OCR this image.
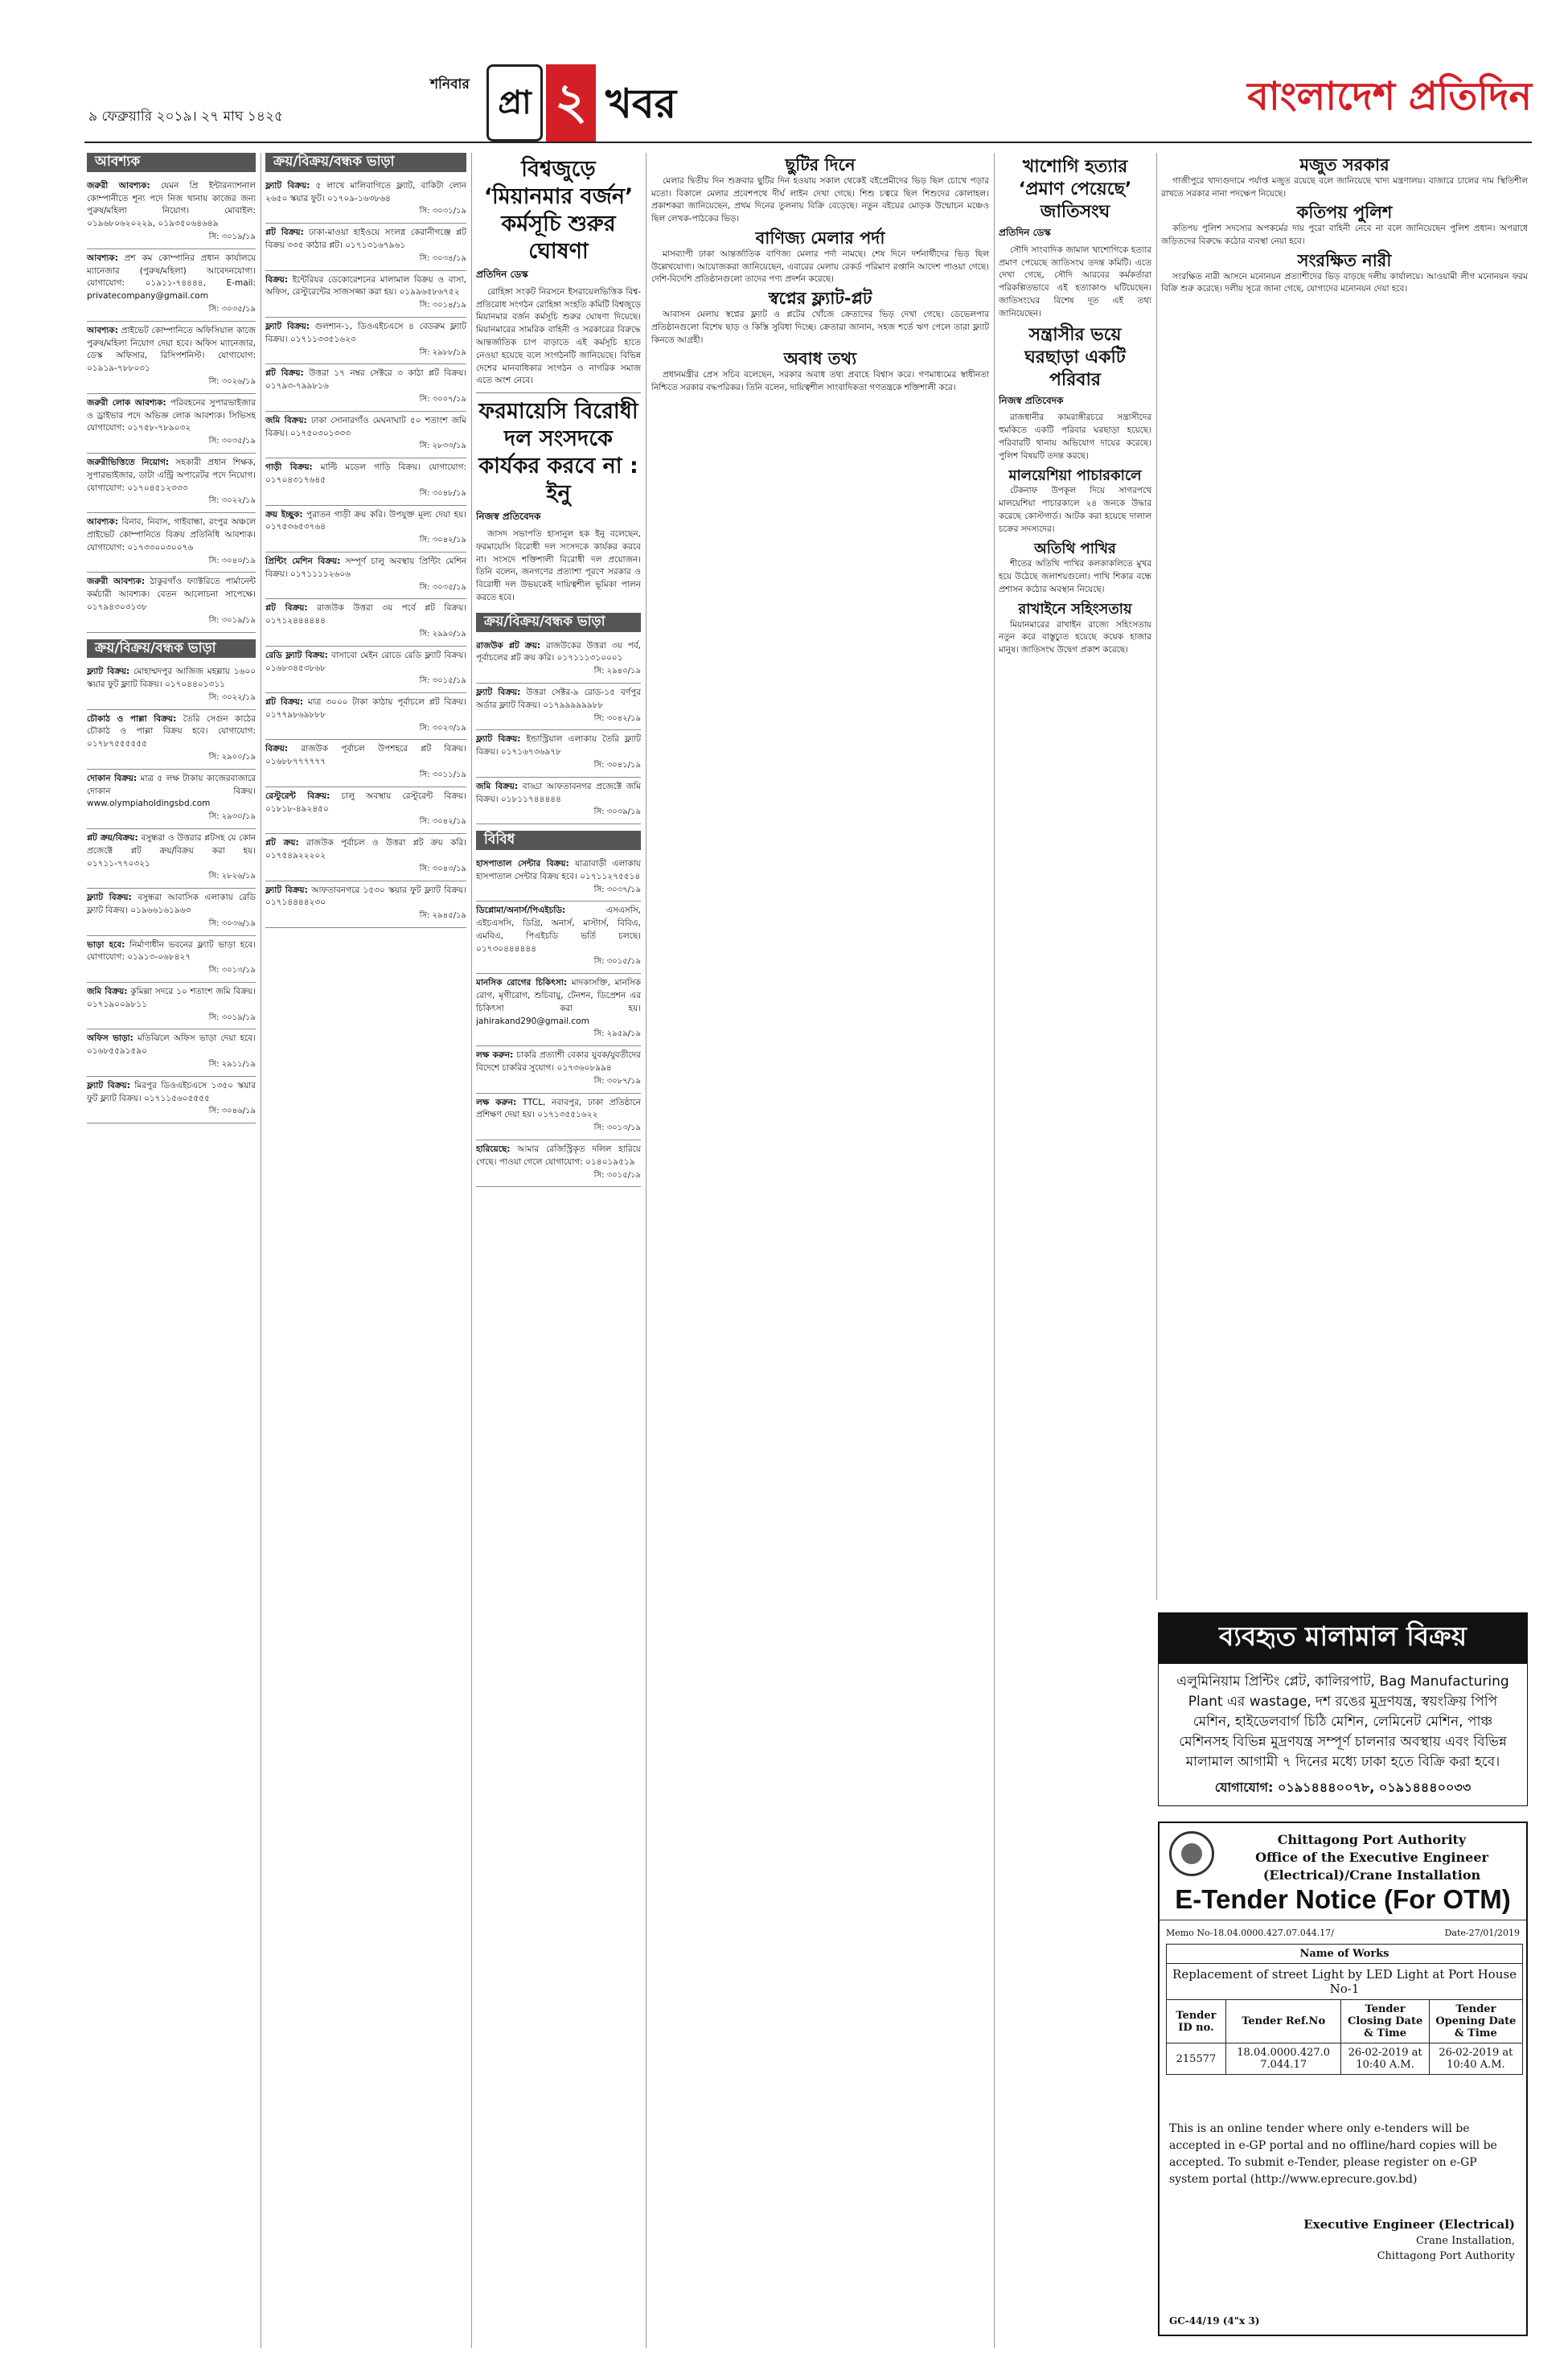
শনিবার
৯ ফেব্রুয়ারি ২০১৯। ২৭ মাঘ ১৪২৫	প্রা ২ খবর	বাংলাদেশ প্রতিদিন
আবশ্যক
জরুরী আবশ্যক: যেমন প্রি ইন্টারন্যাশনাল কোম্পানীতে শূন্য পদে নিজ থানায় কাজের জন্য পুরুষ/মহিলা নিয়োগ। মোবাইল: ০১৯৬৮০৬২০২২৯, ০১৯৩৫০৬৪৬৪৯
সি: ৩০১৯/১৯
আবশ্যক: প্রশ কম কোম্পানির প্রধান কার্যালয়ে ম্যানেজার (পুরুষ/মহিলা) আবেদনযোগ্য। যোগাযোগ: ০১৯১১-৭৪৪৪৪, E-mail: privatecompany@gmail.com
সি: ৩০৩৫/১৯
আবশ্যক: প্রাইভেট কোম্পানিতে অফিসিয়াল কাজে পুরুষ/মহিলা নিয়োগ দেয়া হবে। অফিস ম্যানেজার, ডেস্ক অফিসার, রিসিপশনিস্ট। যোগাযোগ: ০১৯১৯-৭৮৮০৩১
সি: ৩০২৬/১৯
জরুরী লোক আবশ্যক: পরিবহনের সুপারভাইজার ও ড্রাইভার পদে অভিজ্ঞ লোক আবশ্যক। সিভিসহ যোগাযোগ: ০১৭৫৮-৭৮৯০৩২
সি: ৩০৩৫/১৯
জরুরীভিত্তিতে নিয়োগ: সহকারী প্রধান শিক্ষক, সুপারভাইজার, ডাটা এন্ট্রি অপারেটর পদে নিয়োগ। যোগাযোগ: ০১৭০৪৫১২৩৩৩
সি: ৩০২২/১৯
আবশ্যক: বিনাব, নিবাস, গাইবান্ধা, রংপুর অঞ্চলে প্রাইভেট কোম্পানিতে বিক্রয় প্রতিনিধি আবশ্যক। যোগাযোগ: ০১৭৩৩০০৩০০৭৬
সি: ৩০৪০/১৯
জরুরী আবশ্যক: ঠাকুরগাঁও ফ্যাক্টরিতে পার্মানেন্ট কর্মচারী আবশ্যক। বেতন আলোচনা সাপেক্ষে। ০১৭৯৪৩০৩১৩৮
সি: ৩০১৯/১৯
ক্রয়/বিক্রয়/বন্ধক ভাড়া
ফ্ল্যাট বিক্রয়: মোহাম্মদপুর আজিজ মহল্লায় ১৬০০ স্কয়ার ফুট ফ্ল্যাট বিক্রয়। ০১৭০৪৪০১৩১১
সি: ৩০২২/১৯
চৌকাঠ ও পাল্লা বিক্রয়: তৈরি সেগুন কাঠের চৌকাঠ ও পাল্লা বিক্রয় হবে। যোগাযোগ: ০১৭৮৭৫৫৫৫৫৫
সি: ২৯০০/১৯
দোকান বিক্রয়: মাত্র ৫ লক্ষ টাকায় কাজেরবাজারে দোকান বিক্রয়। www.olympiaholdingsbd.com
সি: ২৯৩০/১৯
প্লট ক্রয়/বিক্রয়: বসুন্ধরা ও উত্তরার প্লটসহ যে কোন প্রজেক্টে প্লট ক্রয়/বিক্রয় করা হয়। ০১৭১১-৭৭০৩২১
সি: ২৮২৬/১৯
ফ্ল্যাট বিক্রয়: বসুন্ধরা আবাসিক এলাকায় রেডি ফ্ল্যাট বিক্রয়। ০১৯৬৬১৬১৯৬৩
সি: ৩০৩৬/১৯
ভাড়া হবে: নির্মাণাধীন ভবনের ফ্ল্যাট ভাড়া হবে। যোগাযোগ: ০১৯১৩-০৬৮৪২৭
সি: ৩০১৩/১৯
জমি বিক্রয়: কুমিল্লা সদরে ১০ শতাংশ জমি বিক্রয়। ০১৭১৯০০৯৮১১
সি: ৩০১৯/১৯
অফিস ভাড়া: মতিঝিলে অফিস ভাড়া দেয়া হবে। ০১৬৮৫৫৯১৫৯০
সি: ২৯১১/১৯
ফ্ল্যাট বিক্রয়: মিরপুর ডিওএইচএসে ১৩৫০ স্কয়ার ফুট ফ্ল্যাট বিক্রয়। ০১৭১১৫৬০৫৫৫৫
সি: ৩০৪৬/১৯
ক্রয়/বিক্রয়/বন্ধক ভাড়া
ফ্ল্যাট বিক্রয়: ৫ লাখে মালিবাগিতে ফ্ল্যাট, বাকিটা লোন ২৬৫০ স্কয়ার ফুট। ০১৭০৯-১৬৩৮৬৪
সি: ৩০৩১/১৯
প্লট বিক্রয়: ঢাকা-মাওয়া হাইওয়ে সংলগ্ন কেরানীগঞ্জে প্লট বিক্রয় ৩৩৫ কাঠার প্লট। ০১৭১৩১৬৭৯৬১
সি: ৩০৩৪/১৯
বিক্রয়: ইন্টেরিয়র ডেকোরেশনের মালামাল বিক্রয় ও বাসা, অফিস, রেস্টুরেন্টের সাজসজ্জা করা হয়। ০১৯৯৬৫৮৬৭৫২
সি: ৩০১৪/১৯
ফ্ল্যাট বিক্রয়: গুলশান-১, ডিওএইচএসে ৪ বেডরুম ফ্ল্যাট বিক্রয়। ০১৭১১৩৩৫১৬২৩
সি: ২৯৮৮/১৯
প্লট বিক্রয়: উত্তরা ১৭ নম্বর সেক্টরে ৩ কাঠা প্লট বিক্রয়। ০১৭৯৩-৭৯৯৮১৬
সি: ৩০০৭/১৯
জমি বিক্রয়: ঢাকা সোনারগাঁও মেঘনাঘাট ৫০ শতাংশ জমি বিক্রয়। ০১৭৫০৩০১৩৩৩
সি: ২৮৩৩/১৯
গাড়ী বিক্রয়: মাল্টি মডেল গাড়ি বিক্রয়। যোগাযোগ: ০১৭০৪৩১৭৬৪৫
সি: ৩০৪৮/১৯
ক্রয় ইচ্ছুক: পুরাতন গাড়ী ক্রয় করি। উপযুক্ত মূল্য দেয়া হয়। ০১৭৫৩৬৫৩৭৬৪
সি: ৩০৪২/১৯
প্রিন্টিং মেশিন বিক্রয়: সম্পূর্ণ চালু অবস্থায় প্রিন্টিং মেশিন বিক্রয়। ০১৭১১১১২৬০৬
সি: ৩০৩৫/১৯
প্লট বিক্রয়: রাজউক উত্তরা ৩য় পর্বে প্লট বিক্রয়। ০১৭১২৪৪৪৪৪৪
সি: ২৯৯০/১৯
রেডি ফ্ল্যাট বিক্রয়: বাসাবো মেইন রোডে রেডি ফ্ল্যাট বিক্রয়। ০১৬৮৩৪৫৩৮৬৮
সি: ৩০১৫/১৯
প্লট বিক্রয়: মাত্র ৩০০০ টাকা কাঠায় পূর্বাচলে প্লট বিক্রয়। ০১৭৭৯৮৬৯৮৮৮
সি: ৩০২৩/১৯
বিক্রয়: রাজউক পূর্বাচল উপশহরে প্লট বিক্রয়। ০১৬৮৮৭৭৭৭৭৭
সি: ৩০১১/১৯
রেস্টুরেন্ট বিক্রয়: চালু অবস্থায় রেস্টুরেন্ট বিক্রয়। ০১৮১৮-৪৯২৪৫০
সি: ৩০৪২/১৯
প্লট ক্রয়: রাজউক পূর্বাচল ও উত্তরা প্লট ক্রয় করি। ০১৭৫৪৯২২২০২
সি: ৩০৪৩/১৯
ফ্ল্যাট বিক্রয়: আফতাবনগরে ১৫৩০ স্কয়ার ফুট ফ্ল্যাট বিক্রয়। ০১৭১৪৪৪৪২৩০
সি: ২৯৪৫/১৯
বিশ্বজুড়ে ‘মিয়ানমার বর্জন’ কর্মসূচি শুরুর ঘোষণা
প্রতিদিন ডেস্ক

রোহিঙ্গা সংকট নিরসনে ইসরায়েলভিত্তিক বিশ্ব-প্রতিরোধ সংগঠন রোহিঙ্গা সংহতি কমিটি বিশ্বজুড়ে মিয়ানমার বর্জন কর্মসূচি শুরুর ঘোষণা দিয়েছে। মিয়ানমারের সামরিক বাহিনী ও সরকারের বিরুদ্ধে আন্তর্জাতিক চাপ বাড়াতে এই কর্মসূচি হাতে নেওয়া হয়েছে বলে সংগঠনটি জানিয়েছে। বিভিন্ন দেশের মানবাধিকার সংগঠন ও নাগরিক সমাজ এতে অংশ নেবে।

ফরমায়েসি বিরোধী দল সংসদকে কার্যকর করবে না : ইনু
নিজস্ব প্রতিবেদক

জাসদ সভাপতি হাসানুল হক ইনু বলেছেন, ফরমায়েসি বিরোধী দল সংসদকে কার্যকর করবে না। সংসদে শক্তিশালী বিরোধী দল প্রয়োজন। তিনি বলেন, জনগণের প্রত্যাশা পূরণে সরকার ও বিরোধী দল উভয়কেই দায়িত্বশীল ভূমিকা পালন করতে হবে।

ক্রয়/বিক্রয়/বন্ধক ভাড়া
রাজউক প্লট ক্রয়: রাজউকের উত্তরা ৩য় পর্ব, পূর্বাচলের প্লট ক্রয় করি। ০১৭১১১৩১০০০১
সি: ২৯৪০/১৯
ফ্ল্যাট বিক্রয়: উত্তরা সেক্টর-৯ রোড-১৫ বর্ণপুর অর্ডার ফ্ল্যাট বিক্রয়। ০১৭৯৯৯৯৯৯৮৮
সি: ৩০৪২/১৯
ফ্ল্যাট বিক্রয়: ইন্ডাস্ট্রিয়াল এলাকায় তৈরি ফ্ল্যাট বিক্রয়। ০১৭১৬৭৩৬৯৭৮
সি: ৩০৪১/১৯
জমি বিক্রয়: বাড্ডা আফতাবনগর প্রজেক্টে জমি বিক্রয়। ০১৮১১৭৪৪৪৪৪
সি: ৩০৩৯/১৯
বিবিধ
হাসপাতাল সেন্টার বিক্রয়: যাত্রাবাড়ী এলাকায় হাসপাতাল সেন্টার বিক্রয় হবে। ০১৭১১২৭৫৫১৪
সি: ৩০৩৭/১৯
ডিপ্লোমা/অনার্স/পিএইচডি:	এসএসসি, এইচএসসি, ডিগ্রি, অনার্স, মাস্টার্স, বিবিএ, এমবিএ, পিএইচডি ভর্তি চলছে। ০১৭৩০৪৪৪৪৪৪
সি: ৩০১৫/১৯
মানসিক রোগের চিকিৎসা: মাদকাসক্তি, মানসিক রোগ, মৃগীরোগ, শুচিবায়ু, টেনশন, ডিপ্রেশন এর চিকিৎসা করা হয়। jahirakand290@gmail.com
সি: ২৯৫৯/১৯
লক্ষ করুন: চাকরি প্রত্যাশী বেকার যুবক/যুবতীদের বিদেশে চাকরির সুযোগ। ০১৭৩৬০৮৯৯৪
সি: ৩০৮৭/১৯
লক্ষ করুন: TTCL, নবাবপুর, ঢাকা প্রতিষ্ঠানে প্রশিক্ষণ দেয়া হয়। ০১৭১৩৫৫১৬২২
সি: ৩০১৩/১৯
হারিয়েছে: আমার রেজিস্ট্রিকৃত দলিল হারিয়ে গেছে। পাওয়া গেলে যোগাযোগ: ০১৪০১৯৫১৯
সি: ৩০১৫/১৯
ছুটির দিনে

মেলার দ্বিতীয় দিন শুক্রবার ছুটির দিন হওয়ায় সকাল থেকেই বইপ্রেমীদের ভিড় ছিল চোখে পড়ার মতো। বিকালে মেলার প্রবেশপথে দীর্ঘ লাইন দেখা গেছে। শিশু চত্বরে ছিল শিশুদের কোলাহল। প্রকাশকরা জানিয়েছেন, প্রথম দিনের তুলনায় বিক্রি বেড়েছে। নতুন বইয়ের মোড়ক উন্মোচন মঞ্চেও ছিল লেখক-পাঠকের ভিড়।

বাণিজ্য মেলার পর্দা

মাসব্যাপী ঢাকা আন্তর্জাতিক বাণিজ্য মেলার পর্দা নামছে। শেষ দিনে দর্শনার্থীদের ভিড় ছিল উল্লেখযোগ্য। আয়োজকরা জানিয়েছেন, এবারের মেলায় রেকর্ড পরিমাণ রপ্তানি আদেশ পাওয়া গেছে। দেশি-বিদেশি প্রতিষ্ঠানগুলো তাদের পণ্য প্রদর্শন করেছে।

স্বপ্নের ফ্ল্যাট-প্লট

আবাসন মেলায় স্বপ্নের ফ্ল্যাট ও প্লটের খোঁজে ক্রেতাদের ভিড় দেখা গেছে। ডেভেলপার প্রতিষ্ঠানগুলো বিশেষ ছাড় ও কিস্তি সুবিধা দিচ্ছে। ক্রেতারা জানান, সহজ শর্তে ঋণ পেলে তারা ফ্ল্যাট কিনতে আগ্রহী।

অবাধ তথ্য

প্রধানমন্ত্রীর প্রেস সচিব বলেছেন, সরকার অবাধ তথ্য প্রবাহে বিশ্বাস করে। গণমাধ্যমের স্বাধীনতা নিশ্চিতে সরকার বদ্ধপরিকর। তিনি বলেন, দায়িত্বশীল সাংবাদিকতা গণতন্ত্রকে শক্তিশালী করে।

খাশোগি হত্যার ‘প্রমাণ পেয়েছে’ জাতিসংঘ
প্রতিদিন ডেস্ক

সৌদি সাংবাদিক জামাল খাশোগিকে হত্যার প্রমাণ পেয়েছে জাতিসংঘ তদন্ত কমিটি। এতে দেখা গেছে, সৌদি আরবের কর্মকর্তারা পরিকল্পিতভাবে এই হত্যাকাণ্ড ঘটিয়েছেন। জাতিসংঘের বিশেষ দূত এই তথ্য জানিয়েছেন।

সন্ত্রাসীর ভয়ে ঘরছাড়া একটি পরিবার
নিজস্ব প্রতিবেদক

রাজধানীর কামরাঙ্গীরচরে সন্ত্রাসীদের হুমকিতে একটি পরিবার ঘরছাড়া হয়েছে। পরিবারটি থানায় অভিযোগ দায়ের করেছে। পুলিশ বিষয়টি তদন্ত করছে।

মালয়েশিয়া পাচারকালে

টেকনাফ উপকূল দিয়ে সাগরপথে মালয়েশিয়া পাচারকালে ২৪ জনকে উদ্ধার করেছে কোস্টগার্ড। আটক করা হয়েছে দালাল চক্রের সদস্যদের।

অতিথি পাখির

শীতের অতিথি পাখির কলকাকলিতে মুখর হয়ে উঠেছে জলাশয়গুলো। পাখি শিকার বন্ধে প্রশাসন কঠোর অবস্থান নিয়েছে।

রাখাইনে সহিংসতায়

মিয়ানমারের রাখাইন রাজ্যে সহিংসতায় নতুন করে বাস্তুচ্যুত হয়েছে কয়েক হাজার মানুষ। জাতিসংঘ উদ্বেগ প্রকাশ করেছে।

মজুত সরকার

গাজীপুরে খাদ্যগুদামে পর্যাপ্ত মজুত রয়েছে বলে জানিয়েছে খাদ্য মন্ত্রণালয়। বাজারে চালের দাম স্থিতিশীল রাখতে সরকার নানা পদক্ষেপ নিয়েছে।

কতিপয় পুলিশ

কতিপয় পুলিশ সদস্যের অপকর্মের দায় পুরো বাহিনী নেবে না বলে জানিয়েছেন পুলিশ প্রধান। অপরাধে জড়িতদের বিরুদ্ধে কঠোর ব্যবস্থা নেয়া হবে।

সংরক্ষিত নারী

সংরক্ষিত নারী আসনে মনোনয়ন প্রত্যাশীদের ভিড় বাড়ছে দলীয় কার্যালয়ে। আওয়ামী লীগ মনোনয়ন ফরম বিক্রি শুরু করেছে। দলীয় সূত্রে জানা গেছে, যোগ্যদের মনোনয়ন দেয়া হবে।

ব্যবহৃত মালামাল বিক্রয়
এলুমিনিয়াম প্রিন্টিং প্লেট, কালিরপাট, Bag Manufacturing Plant এর wastage, দশ রঙের মুদ্রণযন্ত্র, স্বয়ংক্রিয় পিপি মেশিন, হাইডেলবার্গ চিঠি মেশিন, লেমিনেট মেশিন, পাঞ্চ মেশিনসহ বিভিন্ন মুদ্রণযন্ত্র সম্পূর্ণ চালনার অবস্থায় এবং বিভিন্ন মালামাল আগামী ৭ দিনের মধ্যে ঢাকা হতে বিক্রি করা হবে।
যোগাযোগ: ০১৯১৪৪৪০০৭৮, ০১৯১৪৪৪০০৩৩
Chittagong Port Authority
Office of the Executive Engineer (Electrical)/Crane Installation
E-Tender Notice (For OTM)
Memo No-18.04.0000.427.07.044.17/	Date-27/01/2019
Name of Works			
Replacement of street Light by LED Light at Port House No-1			
Tender ID no.	Tender Ref.No	Tender Closing Date & Time	Tender Opening Date & Time
215577	18.04.0000.427.0 7.044.17	26-02-2019 at 10:40 A.M.	26-02-2019 at 10:40 A.M.
This is an online tender where only e-tenders will be accepted in e-GP portal and no offline/hard copies will be accepted. To submit e-Tender, please register on e-GP system portal (http://www.eprecure.gov.bd)
Executive Engineer (Electrical)
Crane Installation,
Chittagong Port Authority
GC-44/19 (4"x 3)
